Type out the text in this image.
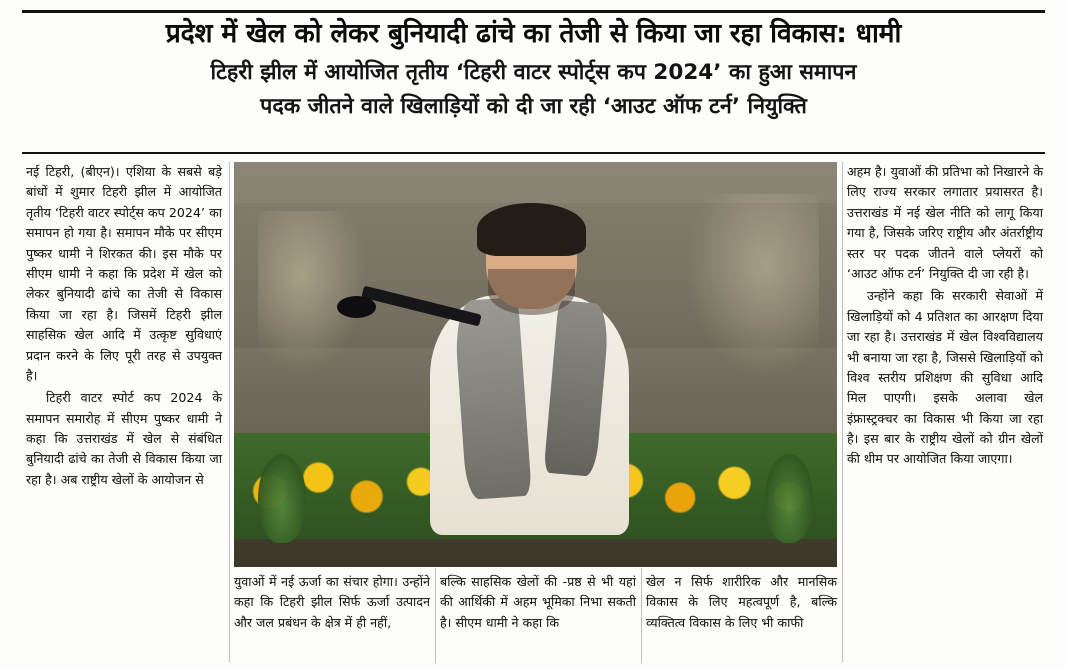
प्रदेश में खेल को लेकर बुनियादी ढांचे का तेजी से किया जा रहा विकास: धामी
टिहरी झील में आयोजित तृतीय ‘टिहरी वाटर स्पोर्ट्स कप 2024’ का हुआ समापन
पदक जीतने वाले खिलाड़ियों को दी जा रही ‘आउट ऑफ टर्न’ नियुक्ति

नई टिहरी, (बीएन)। एशिया के सबसे बड़े बांधों में शुमार टिहरी झील में आयोजित तृतीय ‘टिहरी वाटर स्पोर्ट्स कप 2024’ का समापन हो गया है। समापन मौके पर सीएम पुष्कर धामी ने शिरकत की। इस मौके पर सीएम धामी ने कहा कि प्रदेश में खेल को लेकर बुनियादी ढांचे का तेजी से विकास किया जा रहा है। जिसमें टिहरी झील साहसिक खेल आदि में उत्कृष्ट सुविधाएं प्रदान करने के लिए पूरी तरह से उपयुक्त है।

टिहरी वाटर स्पोर्ट कप 2024 के समापन समारोह में सीएम पुष्कर धामी ने कहा कि उत्तराखंड में खेल से संबंधित बुनियादी ढांचे का तेजी से विकास किया जा रहा है। अब राष्ट्रीय खेलों के आयोजन से

अहम है। युवाओं की प्रतिभा को निखारने के लिए राज्य सरकार लगातार प्रयासरत है। उत्तराखंड में नई खेल नीति को लागू किया गया है, जिसके जरिए राष्ट्रीय और अंतर्राष्ट्रीय स्तर पर पदक जीतने वाले प्लेयरों को ‘आउट ऑफ टर्न’ नियुक्ति दी जा रही है।

उन्होंने कहा कि सरकारी सेवाओं में खिलाड़ियों को 4 प्रतिशत का आरक्षण दिया जा रहा है। उत्तराखंड में खेल विश्वविद्यालय भी बनाया जा रहा है, जिससे खिलाड़ियों को विश्व स्तरीय प्रशिक्षण की सुविधा आदि मिल पाएगी। इसके अलावा खेल इंफ्रास्ट्रक्चर का विकास भी किया जा रहा है। इस बार के राष्ट्रीय खेलों को ग्रीन खेलों की थीम पर आयोजित किया जाएगा।

युवाओं में नई ऊर्जा का संचार होगा। उन्होंने कहा कि टिहरी झील सिर्फ ऊर्जा उत्पादन और जल प्रबंधन के क्षेत्र में ही नहीं,

बल्कि साहसिक खेलों की -प्रष्ठ से भी यहां की आर्थिकी में अहम भूमिका निभा सकती है। सीएम धामी ने कहा कि

खेल न सिर्फ शारीरिक और मानसिक विकास के लिए महत्वपूर्ण है, बल्कि व्यक्तित्व विकास के लिए भी काफी
